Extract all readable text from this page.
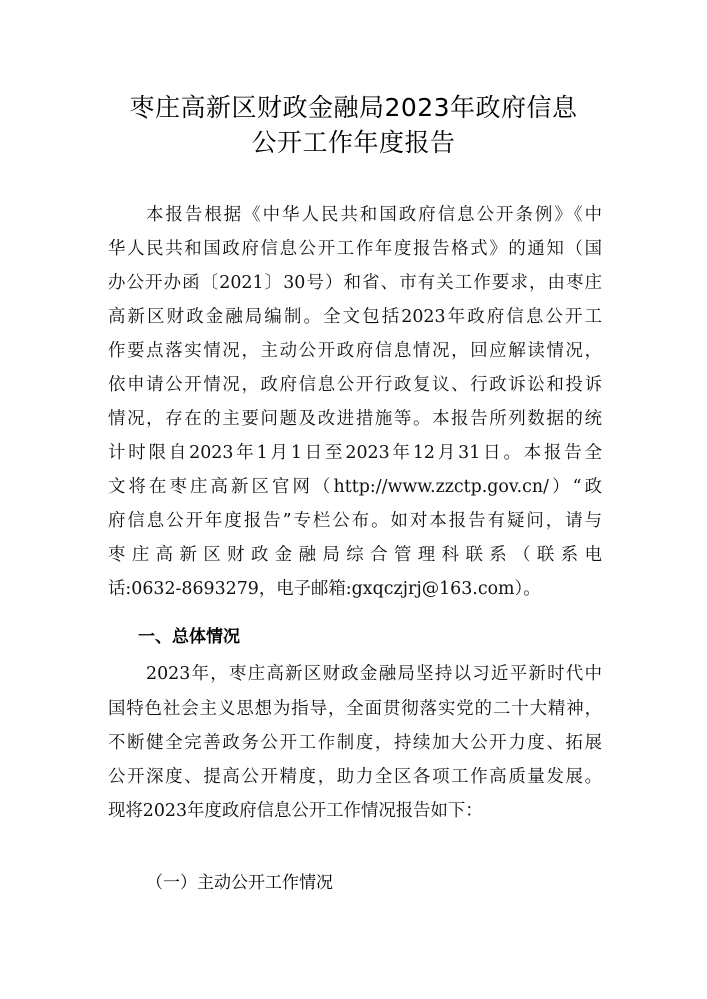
枣庄高新区财政金融局2023年政府信息
公开工作年度报告
本报告根据《中华人民共和国政府信息公开条例》《中
华人民共和国政府信息公开工作年度报告格式》的通知（国
办公开办函〔2021〕30号）和省、市有关工作要求，由枣庄
高新区财政金融局编制。全文包括2023年政府信息公开工
作要点落实情况，主动公开政府信息情况，回应解读情况，
依申请公开情况，政府信息公开行政复议、行政诉讼和投诉
情况，存在的主要问题及改进措施等。本报告所列数据的统
计时限自2023年1月1日至2023年12月31日。本报告全
文将在枣庄高新区官网（http://www.zzctp.gov.cn/）“政
府信息公开年度报告”专栏公布。如对本报告有疑问，请与
枣庄高新区财政金融局综合管理科联系（联系电
话:0632-8693279，电子邮箱:gxqczjrj@163.com）。
一、总体情况
2023年，枣庄高新区财政金融局坚持以习近平新时代中
国特色社会主义思想为指导，全面贯彻落实党的二十大精神，
不断健全完善政务公开工作制度，持续加大公开力度、拓展
公开深度、提高公开精度，助力全区各项工作高质量发展。
现将2023年度政府信息公开工作情况报告如下：
（一）主动公开工作情况
